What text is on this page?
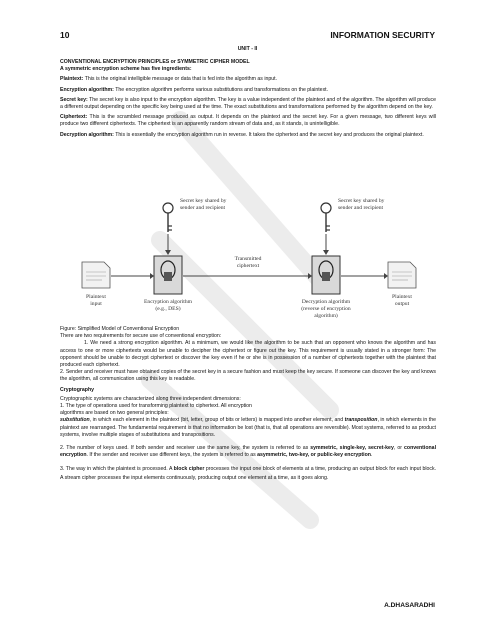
10	INFORMATION SECURITY
UNIT - II
CONVENTIONAL ENCRYPTION PRINCIPLES or SYMMETRIC CIPHER MODEL
A symmetric encryption scheme has five ingredients:
Plaintext: This is the original intelligible message or data that is fed into the algorithm as input.
Encryption algorithm: The encryption algorithm performs various substitutions and transformations on the plaintext.
Secret key: The secret key is also input to the encryption algorithm. The key is a value independent of the plaintext and of the algorithm. The algorithm will produce a different output depending on the specific key being used at the time. The exact substitutions and transformations performed by the algorithm depend on the key.
Ciphertext: This is the scrambled message produced as output. It depends on the plaintext and the secret key. For a given message, two different keys will produce two different ciphertexts. The ciphertext is an apparently random stream of data and, as it stands, is unintelligible.
Decryption algorithm: This is essentially the encryption algorithm run in reverse. It takes the ciphertext and the secret key and produces the original plaintext.
Secret key shared by
sender and recipient
Secret key shared by
sender and recipient
Transmitted
ciphertext
Plaintext
input	Encryption algorithm
(e.g., DES)
Decryption algorithm
(reverse of encryption
algorithm)
Plaintext
output
Figure: Simplified Model of Conventional Encryption
There are two requirements for secure use of conventional encryption:
1. We need a strong encryption algorithm. At a minimum, we would like the algorithm to be such that an opponent who knows the algorithm and has access to one or more ciphertexts would be unable to decipher the ciphertext or figure out the key. This requirement is usually stated in a stronger form: The opponent should be unable to decrypt ciphertext or discover the key even if he or she is in possession of a number of ciphertexts together with the plaintext that produced each ciphertext.
2. Sender and receiver must have obtained copies of the secret key in a secure fashion and must keep the key secure. If someone can discover the key and knows the algorithm, all communication using this key is readable.
Cryptography
Cryptographic systems are characterized along three independent dimensions:
1. The type of operations used for transforming plaintext to ciphertext. All encryption
algorithms are based on two general principles:
substitution, in which each element in the plaintext (bit, letter, group of bits or letters) is mapped into another element, and transposition, in which elements in the plaintext are rearranged. The fundamental requirement is that no information be lost (that is, that all operations are reversible). Most systems, referred to as product systems, involve multiple stages of substitutions and transpositions.
2. The number of keys used. If both sender and receiver use the same key, the system is referred to as symmetric, single-key, secret-key, or conventional encryption. If the sender and receiver use different keys, the system is referred to as asymmetric, two-key, or public-key encryption.
3. The way in which the plaintext is processed. A block cipher processes the input one block of elements at a time, producing an output block for each input block. A stream cipher processes the input elements continuously, producing output one element at a time, as it goes along.
A.DHASARADHI
